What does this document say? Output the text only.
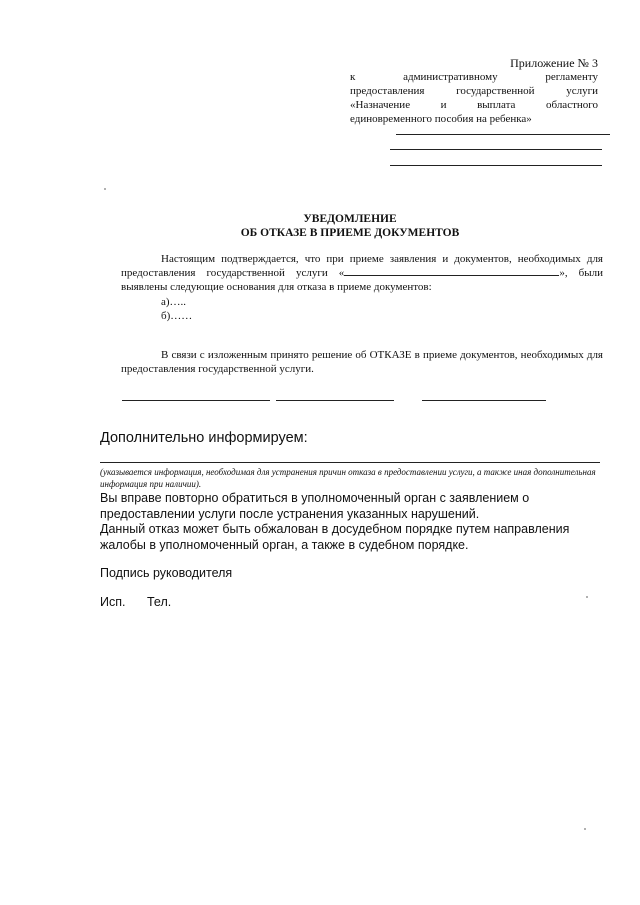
Приложение № 3
к	административному	регламенту
предоставления	государственной	услуги
«Назначение	и	выплата	областного
единовременного пособия на ребенка»
УВЕДОМЛЕНИЕ
ОБ ОТКАЗЕ В ПРИЕМЕ ДОКУМЕНТОВ
Настоящим подтверждается, что при приеме заявления и документов, необходимых для предоставления государственной услуги «	», были выявлены следующие основания для отказа в приеме документов:
а)…..
б)……
В связи с изложенным принято решение об ОТКАЗЕ в приеме документов, необходимых для предоставления государственной услуги.
Дополнительно информируем:
(указывается информация, необходимая для устранения причин отказа в предоставлении услуги, а также иная дополнительная информация при наличии).
Вы вправе повторно обратиться в уполномоченный орган с заявлением о предоставлении услуги после устранения указанных нарушений.
Данный отказ может быть обжалован в досудебном порядке путем направления жалобы в уполномоченный орган, а также в судебном порядке.
Подпись руководителя
Исп. Тел.
